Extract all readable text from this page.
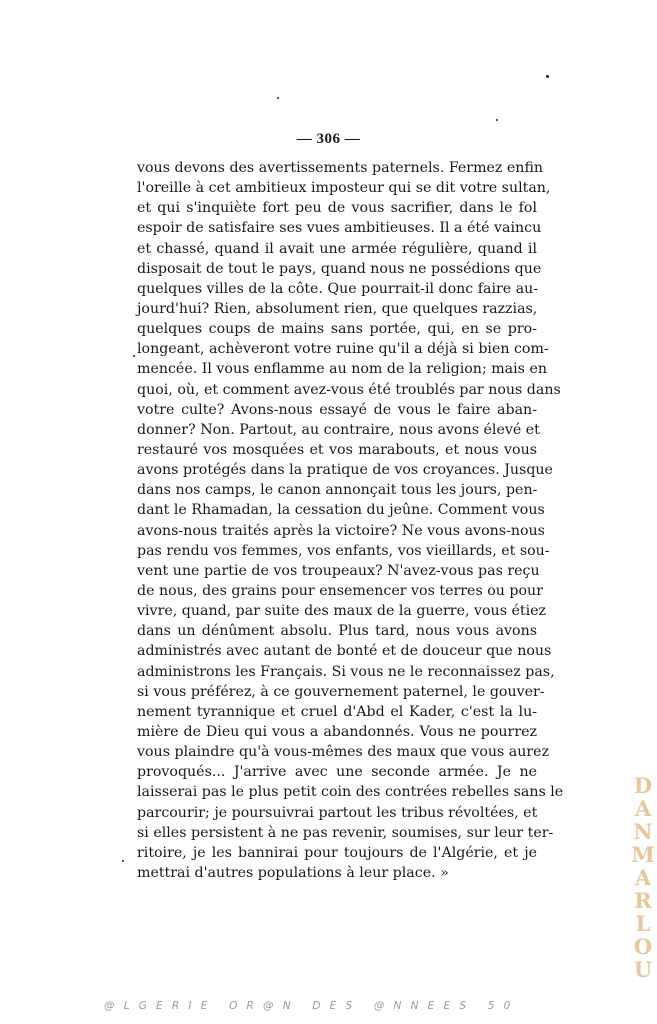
— 306 —
vous devons des avertissements paternels. Fermez enfin
l'oreille à cet ambitieux imposteur qui se dit votre sultan,
et qui s'inquiète fort peu de vous sacrifier, dans le fol
espoir de satisfaire ses vues ambitieuses. Il a été vaincu
et chassé, quand il avait une armée régulière, quand il
disposait de tout le pays, quand nous ne possédions que
quelques villes de la côte. Que pourrait-il donc faire au-
jourd'hui? Rien, absolument rien, que quelques razzias,
quelques coups de mains sans portée, qui, en se pro-
longeant, achèveront votre ruine qu'il a déjà si bien com-
mencée. Il vous enflamme au nom de la religion; mais en
quoi, où, et comment avez-vous été troublés par nous dans
votre culte? Avons-nous essayé de vous le faire aban-
donner? Non. Partout, au contraire, nous avons élevé et
restauré vos mosquées et vos marabouts, et nous vous
avons protégés dans la pratique de vos croyances. Jusque
dans nos camps, le canon annonçait tous les jours, pen-
dant le Rhamadan, la cessation du jeûne. Comment vous
avons-nous traités après la victoire? Ne vous avons-nous
pas rendu vos femmes, vos enfants, vos vieillards, et sou-
vent une partie de vos troupeaux? N'avez-vous pas reçu
de nous, des grains pour ensemencer vos terres ou pour
vivre, quand, par suite des maux de la guerre, vous étiez
dans un dénûment absolu. Plus tard, nous vous avons
administrés avec autant de bonté et de douceur que nous
administrons les Français. Si vous ne le reconnaissez pas,
si vous préférez, à ce gouvernement paternel, le gouver-
nement tyrannique et cruel d'Abd el Kader, c'est la lu-
mière de Dieu qui vous a abandonnés. Vous ne pourrez
vous plaindre qu'à vous-mêmes des maux que vous aurez
provoqués... J'arrive avec une seconde armée. Je ne
laisserai pas le plus petit coin des contrées rebelles sans le
parcourir; je poursuivrai partout les tribus révoltées, et
si elles persistent à ne pas revenir, soumises, sur leur ter-
ritoire, je les bannirai pour toujours de l'Algérie, et je
mettrai d'autres populations à leur place. »
D
A
N
M
A
R
L
O
U
@LGERIE OR@N DES @NNEES 50
